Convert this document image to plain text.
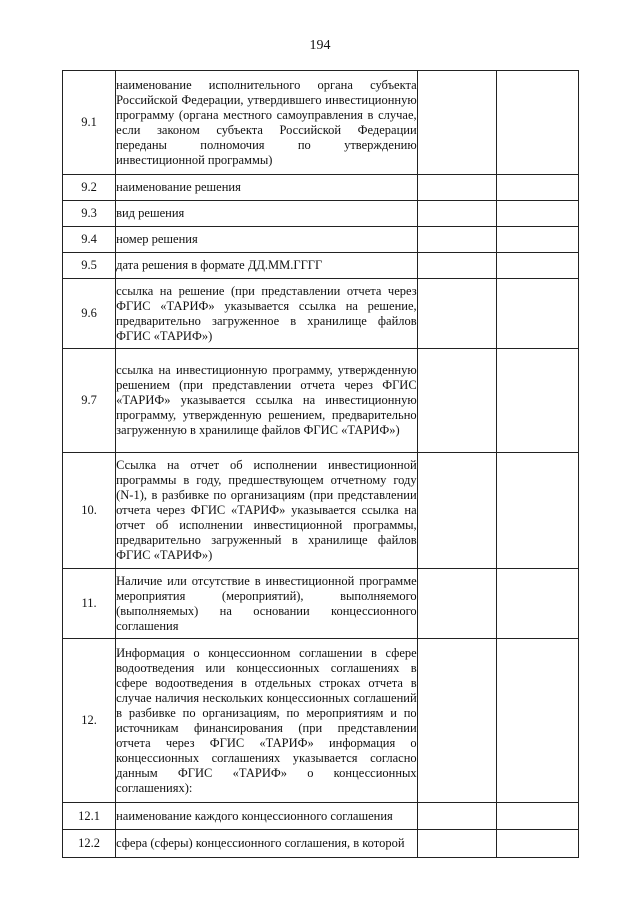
194
9.1	наименование исполнительного органа субъекта Российской Федерации, утвердившего инвестиционную программу (органа местного самоуправления в случае, если законом субъекта Российской Федерации переданы полномочия по утверждению инвестиционной программы)		
9.2	наименование решения		
9.3	вид решения		
9.4	номер решения		
9.5	дата решения в формате ДД.ММ.ГГГГ		
9.6	ссылка на решение (при представлении отчета через ФГИС «ТАРИФ» указывается ссылка на решение, предварительно загруженное в хранилище файлов ФГИС «ТАРИФ»)		
9.7	ссылка на инвестиционную программу, утвержденную решением (при представлении отчета через ФГИС «ТАРИФ» указывается ссылка на инвестиционную программу, утвержденную решением, предварительно загруженную в хранилище файлов ФГИС «ТАРИФ»)		
10.	Ссылка на отчет об исполнении инвестиционной программы в году, предшествующем отчетному году (N-1), в разбивке по организациям (при представлении отчета через ФГИС «ТАРИФ» указывается ссылка на отчет об исполнении инвестиционной программы, предварительно загруженный в хранилище файлов ФГИС «ТАРИФ»)		
11.	Наличие или отсутствие в инвестиционной программе мероприятия (мероприятий), выполняемого (выполняемых) на основании концессионного соглашения		
12.	Информация о концессионном соглашении в сфере водоотведения или концессионных соглашениях в сфере водоотведения в отдельных строках отчета в случае наличия нескольких концессионных соглашений в разбивке по организациям, по мероприятиям и по источникам финансирования (при представлении отчета через ФГИС «ТАРИФ» информация о концессионных соглашениях указывается согласно данным ФГИС «ТАРИФ» о концессионных соглашениях):		
12.1	наименование каждого концессионного соглашения		
12.2	сфера (сферы) концессионного соглашения, в которой		
